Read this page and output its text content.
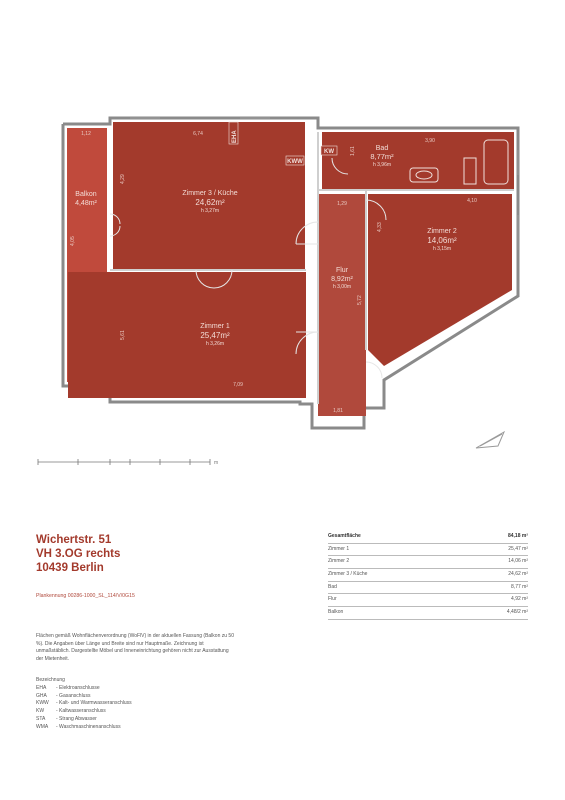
Balkon
4,48m²
Zimmer 3 / Küche
24,62m²
h 3,27m
Bad
8,77m²
h 3,96m
Zimmer 2
14,06m²
h 3,15m
Flur
8,92m²
h 3,00m
Zimmer 1
25,47m²
h 3,26m
1,12	6,74
4,29
4,05
3,90
1,61
1,29	4,10
4,33
5,61
5,72
7,09
1,81
EHA
KWW
KW
m
Wichertstr. 51
VH 3.OG rechts
10439 Berlin
Plankennung 00286-1000_SL_114/V/0G15
Flächen gemäß Wohnflächenverordnung (WoFlV) in der aktuellen Fassung (Balkon zu 50 %). Die Angaben über Länge und Breite sind nur Hauptmaße. Zeichnung ist unmaßstäblich. Dargestellte Möbel und Inneneinrichtung gehören nicht zur Ausstattung der Mietenheit.
Bezeichnung
EHA	- Elektroanschlusse
GHA	- Gasanschluss
KWW	- Kalt- und Warmwasseranschluss
KW	- Kaltwasseranschluss
STA	- Strang Abwasser
WMA	- Waschmaschinenanschluss
Gesamtfläche	84,18 m²
Zimmer 1	25,47 m²
Zimmer 2	14,06 m²
Zimmer 3 / Küche	24,62 m²
Bad	8,77 m²
Flur	4,92 m²
Balkon	4,48/2 m²
